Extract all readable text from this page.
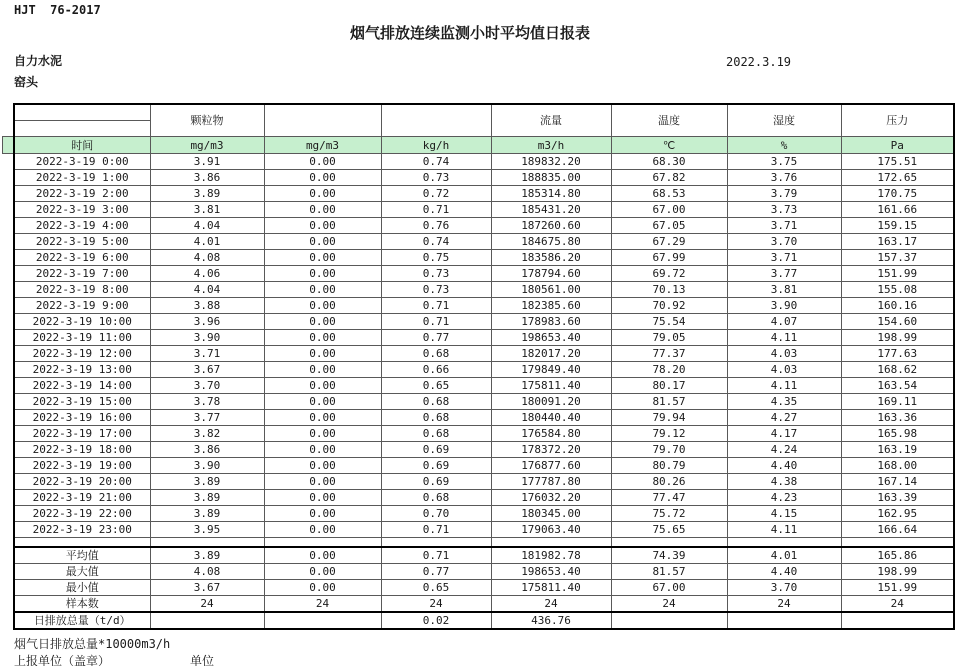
HJT  76-2017
烟气排放连续监测小时平均值日报表
2022.3.19
自力水泥
窑头
	颗粒物			流量	温度	湿度	压力

时间	mg/m3	mg/m3	kg/h	m3/h	℃	%	Pa
2022-3-19 0:00	3.91	0.00	0.74	189832.20	68.30	3.75	175.51
2022-3-19 1:00	3.86	0.00	0.73	188835.00	67.82	3.76	172.65
2022-3-19 2:00	3.89	0.00	0.72	185314.80	68.53	3.79	170.75
2022-3-19 3:00	3.81	0.00	0.71	185431.20	67.00	3.73	161.66
2022-3-19 4:00	4.04	0.00	0.76	187260.60	67.05	3.71	159.15
2022-3-19 5:00	4.01	0.00	0.74	184675.80	67.29	3.70	163.17
2022-3-19 6:00	4.08	0.00	0.75	183586.20	67.99	3.71	157.37
2022-3-19 7:00	4.06	0.00	0.73	178794.60	69.72	3.77	151.99
2022-3-19 8:00	4.04	0.00	0.73	180561.00	70.13	3.81	155.08
2022-3-19 9:00	3.88	0.00	0.71	182385.60	70.92	3.90	160.16
2022-3-19 10:00	3.96	0.00	0.71	178983.60	75.54	4.07	154.60
2022-3-19 11:00	3.90	0.00	0.77	198653.40	79.05	4.11	198.99
2022-3-19 12:00	3.71	0.00	0.68	182017.20	77.37	4.03	177.63
2022-3-19 13:00	3.67	0.00	0.66	179849.40	78.20	4.03	168.62
2022-3-19 14:00	3.70	0.00	0.65	175811.40	80.17	4.11	163.54
2022-3-19 15:00	3.78	0.00	0.68	180091.20	81.57	4.35	169.11
2022-3-19 16:00	3.77	0.00	0.68	180440.40	79.94	4.27	163.36
2022-3-19 17:00	3.82	0.00	0.68	176584.80	79.12	4.17	165.98
2022-3-19 18:00	3.86	0.00	0.69	178372.20	79.70	4.24	163.19
2022-3-19 19:00	3.90	0.00	0.69	176877.60	80.79	4.40	168.00
2022-3-19 20:00	3.89	0.00	0.69	177787.80	80.26	4.38	167.14
2022-3-19 21:00	3.89	0.00	0.68	176032.20	77.47	4.23	163.39
2022-3-19 22:00	3.89	0.00	0.70	180345.00	75.72	4.15	162.95
2022-3-19 23:00	3.95	0.00	0.71	179063.40	75.65	4.11	166.64

平均值	3.89	0.00	0.71	181982.78	74.39	4.01	165.86
最大值	4.08	0.00	0.77	198653.40	81.57	4.40	198.99
最小值	3.67	0.00	0.65	175811.40	67.00	3.70	151.99
样本数	24	24	24	24	24	24	24
日排放总量（t/d）			0.02	436.76			
烟气日排放总量*10000m3/h
上报单位（盖章）	单位
